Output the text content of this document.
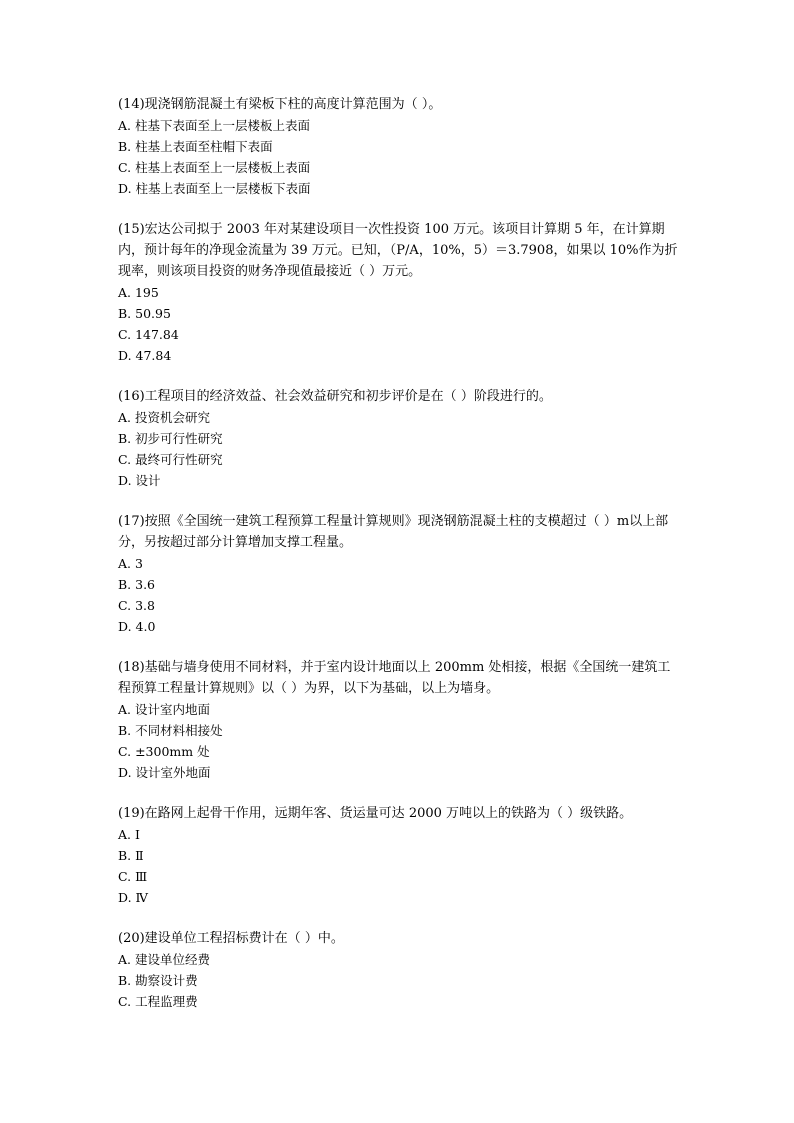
(14)现浇钢筋混凝土有梁板下柱的高度计算范围为（ ）。

A. 柱基下表面至上一层楼板上表面

B. 柱基上表面至柱帽下表面

C. 柱基上表面至上一层楼板上表面

D. 柱基上表面至上一层楼板下表面

(15)宏达公司拟于 2003 年对某建设项目一次性投资 100 万元。该项目计算期 5 年，在计算期内，预计每年的净现金流量为 39 万元。已知，（P/A，10%，5）＝3.7908，如果以 10%作为折现率，则该项目投资的财务净现值最接近（ ）万元。

A. 195

B. 50.95

C. 147.84

D. 47.84

(16)工程项目的经济效益、社会效益研究和初步评价是在（ ）阶段进行的。

A. 投资机会研究

B. 初步可行性研究

C. 最终可行性研究

D. 设计

(17)按照《全国统一建筑工程预算工程量计算规则》现浇钢筋混凝土柱的支模超过（ ）m以上部分，另按超过部分计算增加支撑工程量。

A. 3

B. 3.6

C. 3.8

D. 4.0

(18)基础与墙身使用不同材料，并于室内设计地面以上 200mm 处相接，根据《全国统一建筑工程预算工程量计算规则》以（ ）为界，以下为基础，以上为墙身。

A. 设计室内地面

B. 不同材料相接处

C. ±300mm 处

D. 设计室外地面

(19)在路网上起骨干作用，远期年客、货运量可达 2000 万吨以上的铁路为（ ）级铁路。

A. Ⅰ

B. Ⅱ

C. Ⅲ

D. Ⅳ

(20)建设单位工程招标费计在（ ）中。

A. 建设单位经费

B. 勘察设计费

C. 工程监理费
